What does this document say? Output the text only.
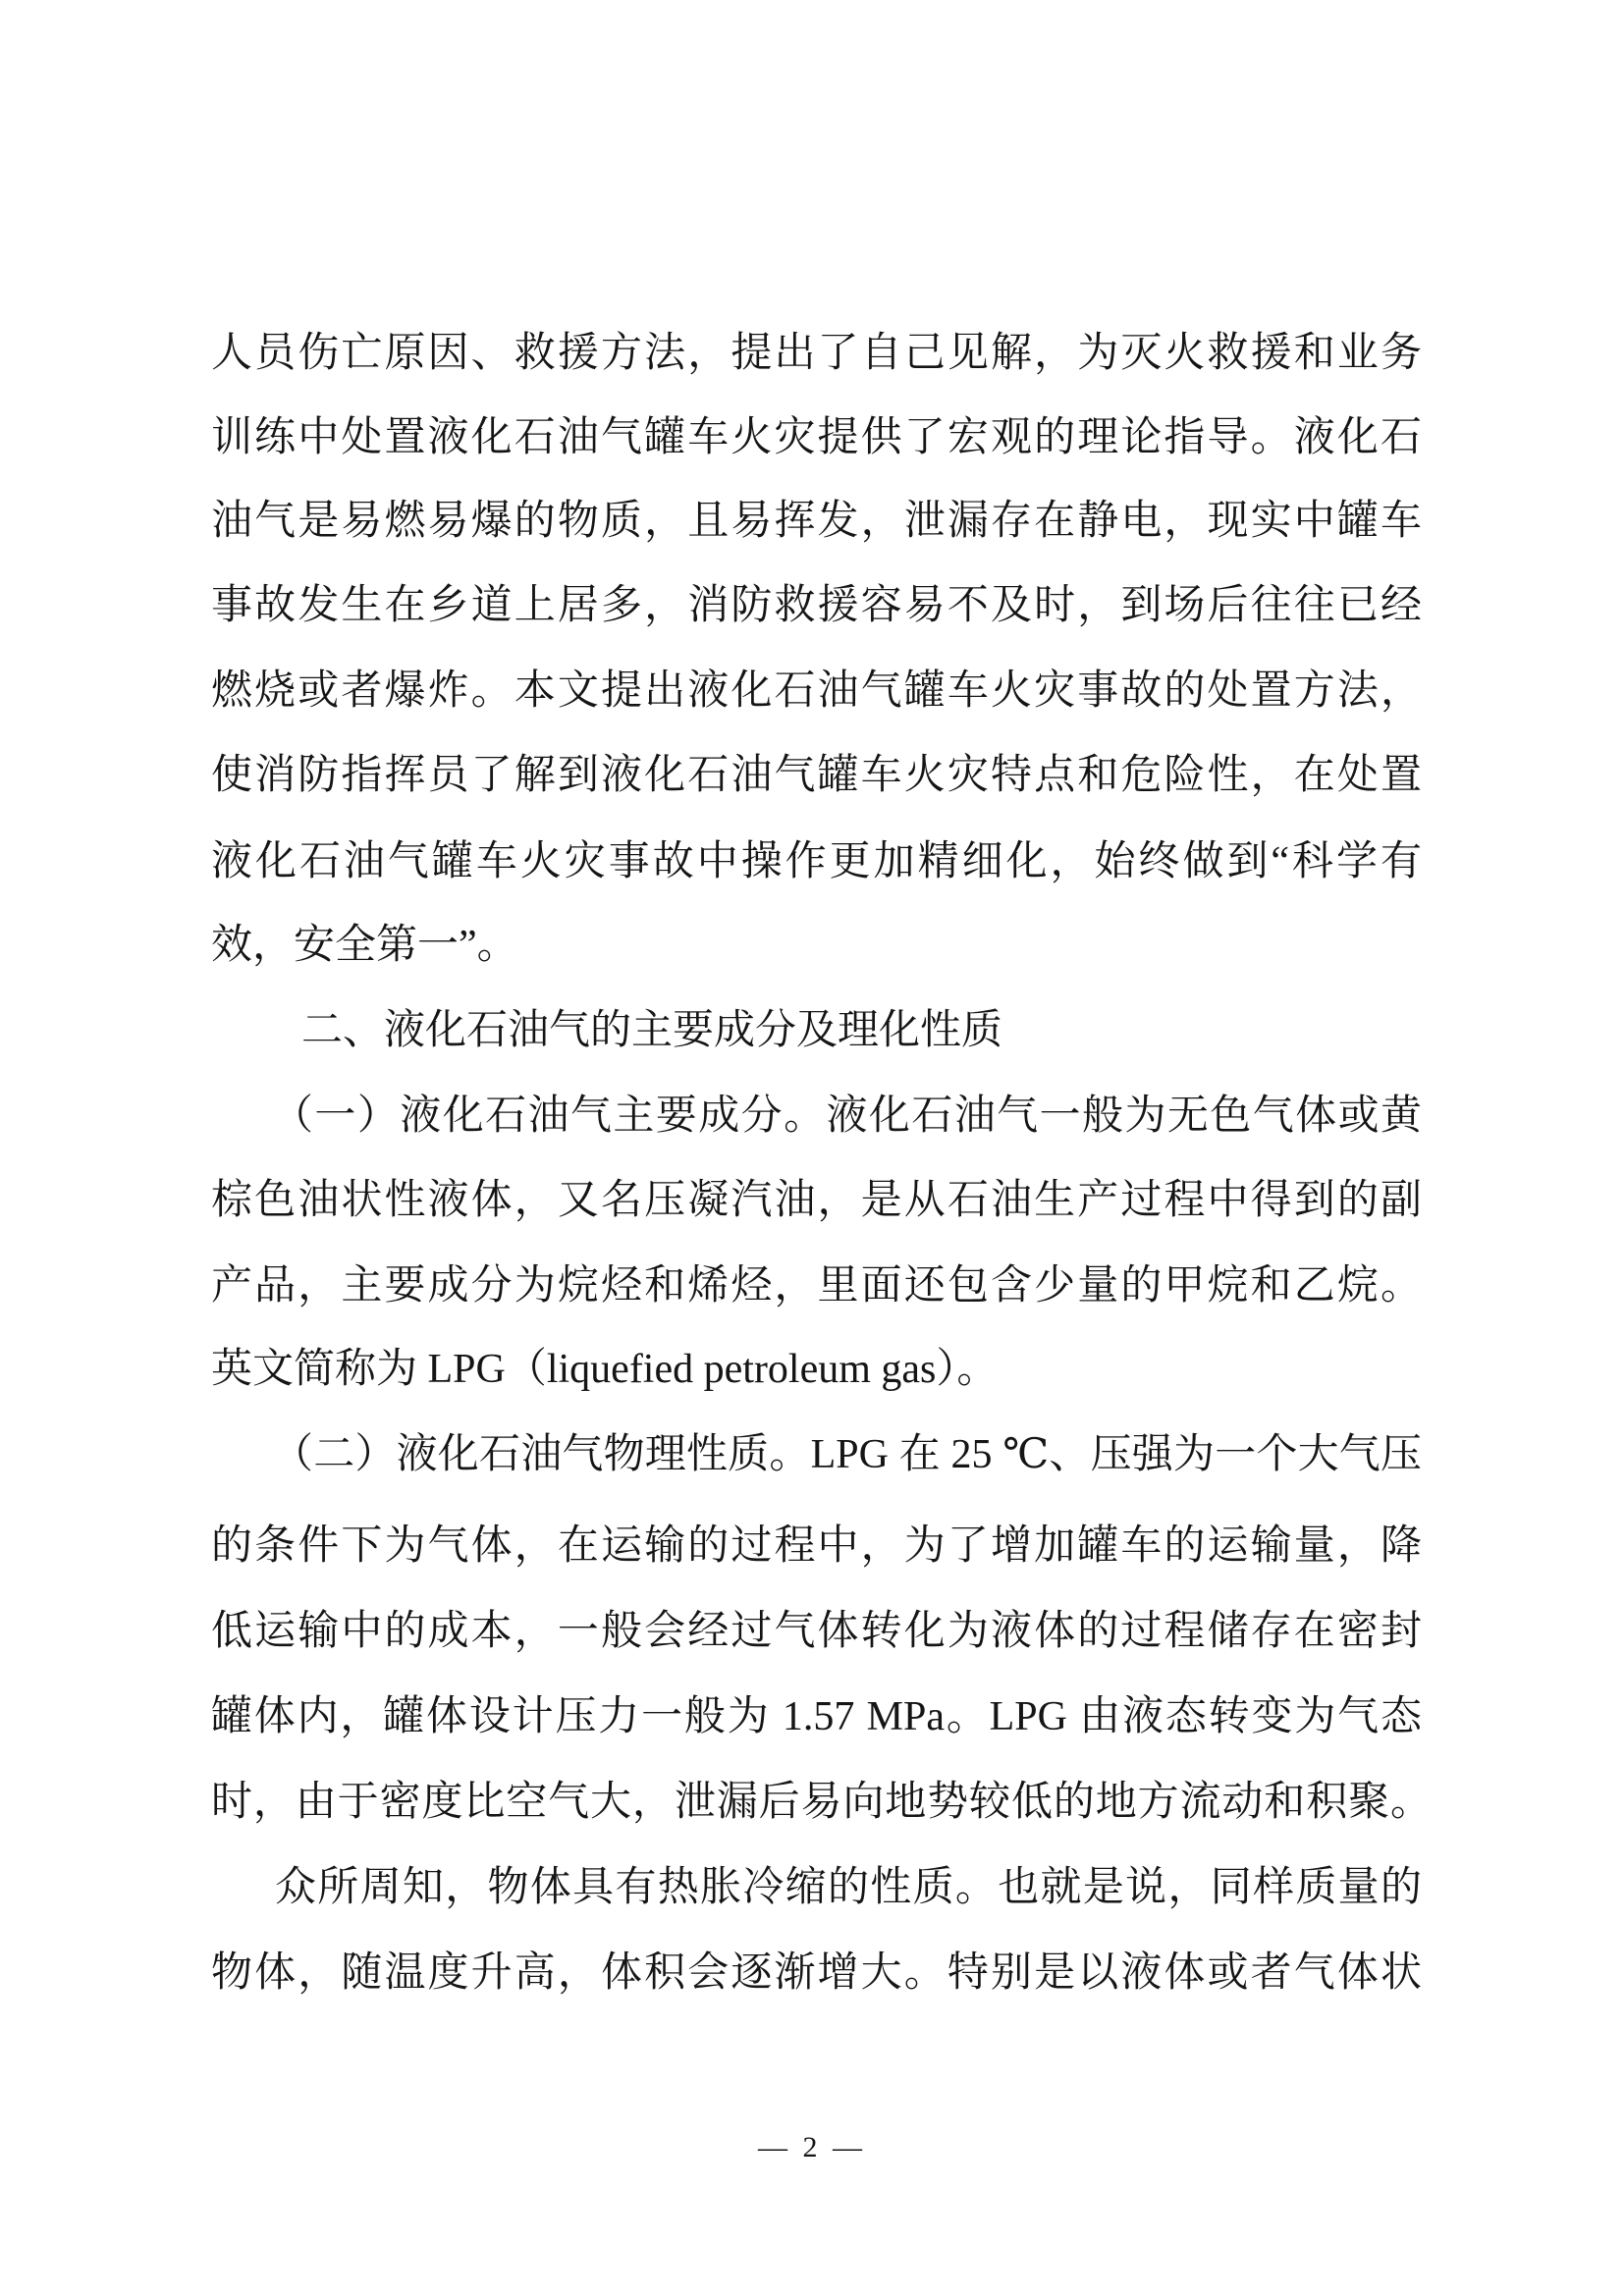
人员伤亡原因、救援方法，提出了自己见解，为灭火救援和业务
训练中处置液化石油气罐车火灾提供了宏观的理论指导。液化石
油气是易燃易爆的物质，且易挥发，泄漏存在静电，现实中罐车
事故发生在乡道上居多，消防救援容易不及时，到场后往往已经
燃烧或者爆炸。本文提出液化石油气罐车火灾事故的处置方法，
使消防指挥员了解到液化石油气罐车火灾特点和危险性，在处置
液化石油气罐车火灾事故中操作更加精细化，始终做到“科学有
效，安全第一”。
二、液化石油气的主要成分及理化性质
（一）液化石油气主要成分。液化石油气一般为无色气体或黄
棕色油状性液体，又名压凝汽油，是从石油生产过程中得到的副
产品，主要成分为烷烃和烯烃，里面还包含少量的甲烷和乙烷。
英文简称为 LPG（liquefied petroleum gas）。
（二）液化石油气物理性质。LPG 在 25 ℃、压强为一个大气压
的条件下为气体，在运输的过程中，为了增加罐车的运输量，降
低运输中的成本，一般会经过气体转化为液体的过程储存在密封
罐体内，罐体设计压力一般为 1.57 MPa。LPG 由液态转变为气态
时，由于密度比空气大，泄漏后易向地势较低的地方流动和积聚。
众所周知，物体具有热胀冷缩的性质。也就是说，同样质量的
物体，随温度升高，体积会逐渐增大。特别是以液体或者气体状
— 2 —
